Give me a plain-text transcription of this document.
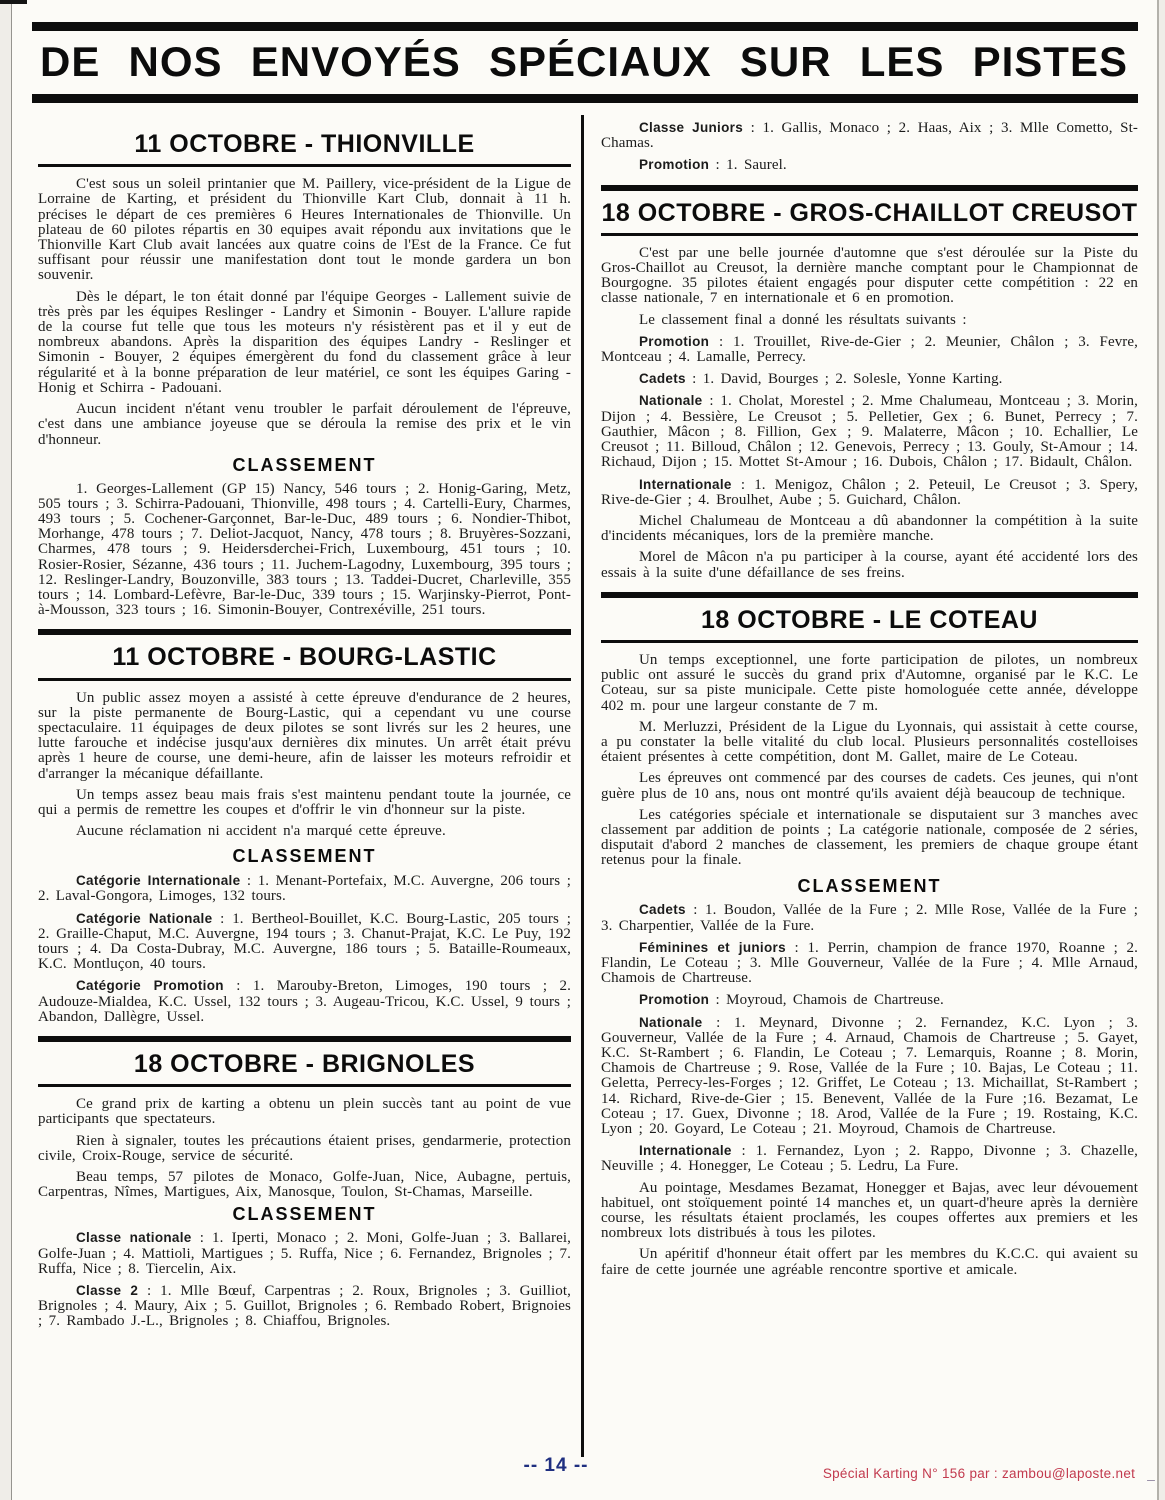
DE NOS ENVOYÉS SPÉCIAUX SUR LES PISTES
11 OCTOBRE - THIONVILLE

C'est sous un soleil printanier que M. Paillery, vice-président de la Ligue de Lorraine de Karting, et président du Thionville Kart Club, donnait à 11 h. précises le départ de ces premières 6 Heures Internationales de Thionville. Un plateau de 60 pilotes répartis en 30 equipes avait répondu aux invitations que le Thionville Kart Club avait lancées aux quatre coins de l'Est de la France. Ce fut suffisant pour réussir une manifestation dont tout le monde gardera un bon souvenir.

Dès le départ, le ton était donné par l'équipe Georges - Lallement suivie de très près par les équipes Reslinger - Landry et Simonin - Bouyer. L'allure rapide de la course fut telle que tous les moteurs n'y résistèrent pas et il y eut de nombreux abandons. Après la disparition des équipes Landry - Reslinger et Simonin - Bouyer, 2 équipes émergèrent du fond du classement grâce à leur régularité et à la bonne préparation de leur matériel, ce sont les équipes Garing - Honig et Schirra - Padouani.

Aucun incident n'étant venu troubler le parfait déroulement de l'épreuve, c'est dans une ambiance joyeuse que se déroula la remise des prix et le vin d'honneur.

CLASSEMENT

1. Georges-Lallement (GP 15) Nancy, 546 tours ; 2. Honig-Garing, Metz, 505 tours ; 3. Schirra-Padouani, Thionville, 498 tours ; 4. Cartelli-Eury, Charmes, 493 tours ; 5. Cochener-Garçonnet, Bar-le-Duc, 489 tours ; 6. Nondier-Thibot, Morhange, 478 tours ; 7. Deliot-Jacquot, Nancy, 478 tours ; 8. Bruyères-Sozzani, Charmes, 478 tours ; 9. Heidersderchei-Frich, Luxembourg, 451 tours ; 10. Rosier-Rosier, Sézanne, 436 tours ; 11. Juchem-Lagodny, Luxembourg, 395 tours ; 12. Reslinger-Landry, Bouzonville, 383 tours ; 13. Taddei-Ducret, Charleville, 355 tours ; 14. Lombard-Lefèvre, Bar-le-Duc, 339 tours ; 15. Warjinsky-Pierrot, Pont-à-Mousson, 323 tours ; 16. Simonin-Bouyer, Contrexéville, 251 tours.

11 OCTOBRE - BOURG-LASTIC

Un public assez moyen a assisté à cette épreuve d'endurance de 2 heures, sur la piste permanente de Bourg-Lastic, qui a cependant vu une course spectaculaire. 11 équipages de deux pilotes se sont livrés sur les 2 heures, une lutte farouche et indécise jusqu'aux dernières dix minutes. Un arrêt était prévu après 1 heure de course, une demi-heure, afin de laisser les moteurs refroidir et d'arranger la mécanique défaillante.

Un temps assez beau mais frais s'est maintenu pendant toute la journée, ce qui a permis de remettre les coupes et d'offrir le vin d'honneur sur la piste.

Aucune réclamation ni accident n'a marqué cette épreuve.

CLASSEMENT

Catégorie Internationale : 1. Menant-Portefaix, M.C. Auvergne, 206 tours ; 2. Laval-Gongora, Limoges, 132 tours.

Catégorie Nationale : 1. Bertheol-Bouillet, K.C. Bourg-Lastic, 205 tours ; 2. Graille-Chaput, M.C. Auvergne, 194 tours ; 3. Chanut-Prajat, K.C. Le Puy, 192 tours ; 4. Da Costa-Dubray, M.C. Auvergne, 186 tours ; 5. Bataille-Roumeaux, K.C. Montluçon, 40 tours.

Catégorie Promotion : 1. Marouby-Breton, Limoges, 190 tours ; 2. Audouze-Mialdea, K.C. Ussel, 132 tours ; 3. Augeau-Tricou, K.C. Ussel, 9 tours ; Abandon, Dallègre, Ussel.

18 OCTOBRE - BRIGNOLES

Ce grand prix de karting a obtenu un plein succès tant au point de vue participants que spectateurs.

Rien à signaler, toutes les précautions étaient prises, gendarmerie, protection civile, Croix-Rouge, service de sécurité.

Beau temps, 57 pilotes de Monaco, Golfe-Juan, Nice, Aubagne, pertuis, Carpentras, Nîmes, Martigues, Aix, Manosque, Toulon, St-Chamas, Marseille.

CLASSEMENT

Classe nationale : 1. Iperti, Monaco ; 2. Moni, Golfe-Juan ; 3. Ballarei, Golfe-Juan ; 4. Mattioli, Martigues ; 5. Ruffa, Nice ; 6. Fernandez, Brignoles ; 7. Ruffa, Nice ; 8. Tiercelin, Aix.

Classe 2 : 1. Mlle Bœuf, Carpentras ; 2. Roux, Brignoles ; 3. Guilliot, Brignoles ; 4. Maury, Aix ; 5. Guillot, Brignoles ; 6. Rembado Robert, Brignoies ; 7. Rambado J.-L., Brignoles ; 8. Chiaffou, Brignoles.

Classe Juniors : 1. Gallis, Monaco ; 2. Haas, Aix ; 3. Mlle Cometto, St-Chamas.

Promotion : 1. Saurel.

18 OCTOBRE - GROS-CHAILLOT CREUSOT

C'est par une belle journée d'automne que s'est déroulée sur la Piste du Gros-Chaillot au Creusot, la dernière manche comptant pour le Championnat de Bourgogne. 35 pilotes étaient engagés pour disputer cette compétition : 22 en classe nationale, 7 en internationale et 6 en promotion.

Le classement final a donné les résultats suivants :

Promotion : 1. Trouillet, Rive-de-Gier ; 2. Meunier, Châlon ; 3. Fevre, Montceau ; 4. Lamalle, Perrecy.

Cadets : 1. David, Bourges ; 2. Solesle, Yonne Karting.

Nationale : 1. Cholat, Morestel ; 2. Mme Chalumeau, Montceau ; 3. Morin, Dijon ; 4. Bessière, Le Creusot ; 5. Pelletier, Gex ; 6. Bunet, Perrecy ; 7. Gauthier, Mâcon ; 8. Fillion, Gex ; 9. Malaterre, Mâcon ; 10. Echallier, Le Creusot ; 11. Billoud, Châlon ; 12. Genevois, Perrecy ; 13. Gouly, St-Amour ; 14. Richaud, Dijon ; 15. Mottet St-Amour ; 16. Dubois, Châlon ; 17. Bidault, Châlon.

Internationale : 1. Menigoz, Châlon ; 2. Peteuil, Le Creusot ; 3. Spery, Rive-de-Gier ; 4. Broulhet, Aube ; 5. Guichard, Châlon.

Michel Chalumeau de Montceau a dû abandonner la compétition à la suite d'incidents mécaniques, lors de la première manche.

Morel de Mâcon n'a pu participer à la course, ayant été accidenté lors des essais à la suite d'une défaillance de ses freins.

18 OCTOBRE - LE COTEAU

Un temps exceptionnel, une forte participation de pilotes, un nombreux public ont assuré le succès du grand prix d'Automne, organisé par le K.C. Le Coteau, sur sa piste municipale. Cette piste homologuée cette année, développe 402 m. pour une largeur constante de 7 m.

M. Merluzzi, Président de la Ligue du Lyonnais, qui assistait à cette course, a pu constater la belle vitalité du club local. Plusieurs personnalités costelloises étaient présentes à cette compétition, dont M. Gallet, maire de Le Coteau.

Les épreuves ont commencé par des courses de cadets. Ces jeunes, qui n'ont guère plus de 10 ans, nous ont montré qu'ils avaient déjà beaucoup de technique.

Les catégories spéciale et internationale se disputaient sur 3 manches avec classement par addition de points ; La catégorie nationale, composée de 2 séries, disputait d'abord 2 manches de classement, les premiers de chaque groupe étant retenus pour la finale.

CLASSEMENT

Cadets : 1. Boudon, Vallée de la Fure ; 2. Mlle Rose, Vallée de la Fure ; 3. Charpentier, Vallée de la Fure.

Féminines et juniors : 1. Perrin, champion de france 1970, Roanne ; 2. Flandin, Le Coteau ; 3. Mlle Gouverneur, Vallée de la Fure ; 4. Mlle Arnaud, Chamois de Chartreuse.

Promotion : Moyroud, Chamois de Chartreuse.

Nationale : 1. Meynard, Divonne ; 2. Fernandez, K.C. Lyon ; 3. Gouverneur, Vallée de la Fure ; 4. Arnaud, Chamois de Chartreuse ; 5. Gayet, K.C. St-Rambert ; 6. Flandin, Le Coteau ; 7. Lemarquis, Roanne ; 8. Morin, Chamois de Chartreuse ; 9. Rose, Vallée de la Fure ; 10. Bajas, Le Coteau ; 11. Geletta, Perrecy-les-Forges ; 12. Griffet, Le Coteau ; 13. Michaillat, St-Rambert ; 14. Richard, Rive-de-Gier ; 15. Benevent, Vallée de la Fure ;16. Bezamat, Le Coteau ; 17. Guex, Divonne ; 18. Arod, Vallée de la Fure ; 19. Rostaing, K.C. Lyon ; 20. Goyard, Le Coteau ; 21. Moyroud, Chamois de Chartreuse.

Internationale : 1. Fernandez, Lyon ; 2. Rappo, Divonne ; 3. Chazelle, Neuville ; 4. Honegger, Le Coteau ; 5. Ledru, La Fure.

Au pointage, Mesdames Bezamat, Honegger et Bajas, avec leur dévouement habituel, ont stoïquement pointé 14 manches et, un quart-d'heure après la dernière course, les résultats étaient proclamés, les coupes offertes aux premiers et les nombreux lots distribués à tous les pilotes.

Un apéritif d'honneur était offert par les membres du K.C.C. qui avaient su faire de cette journée une agréable rencontre sportive et amicale.

-- 14 --	Spécial Karting N° 156 par : zambou@laposte.net _
